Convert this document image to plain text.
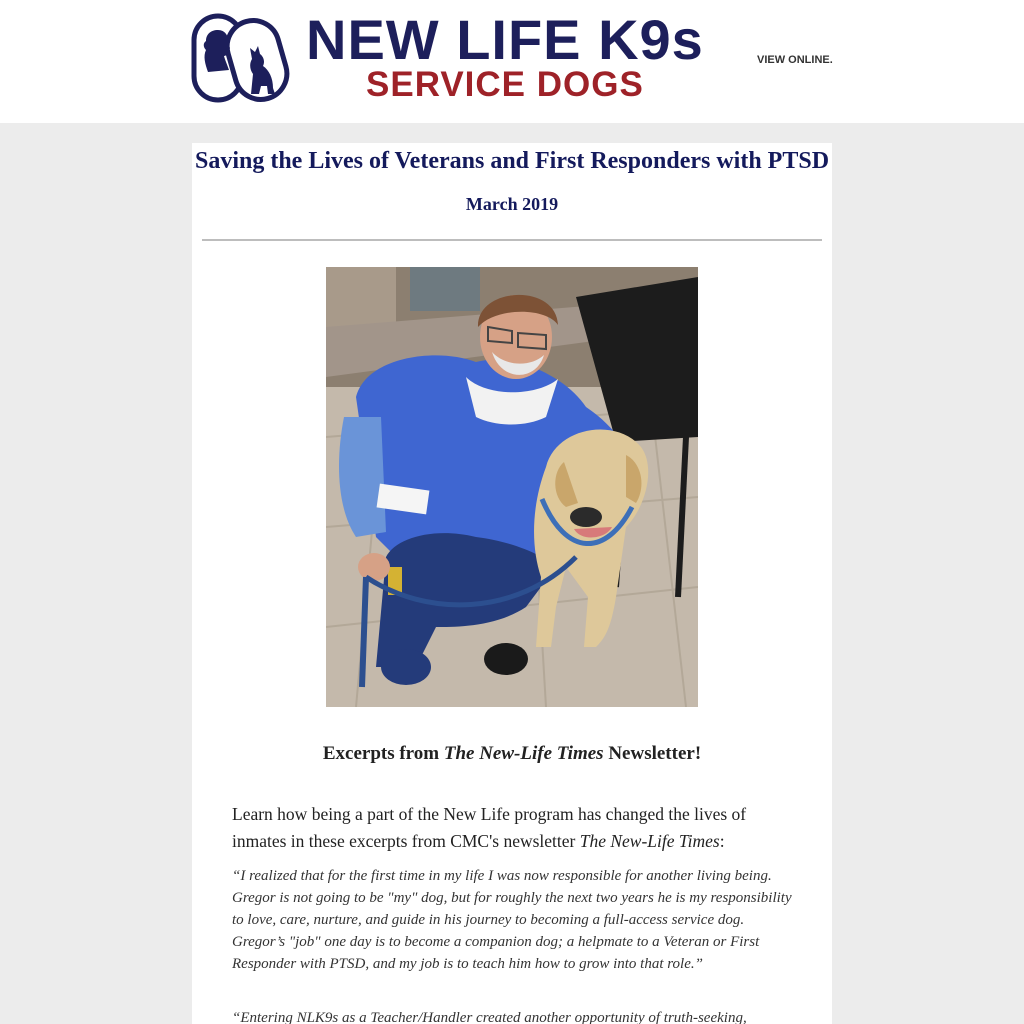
NEW LIFE K9s
SERVICE DOGS
VIEW ONLINE.
Saving the Lives of Veterans and First Responders with PTSD
March 2019
Excerpts from The New-Life Times Newsletter!
Learn how being a part of the New Life program has changed the lives of inmates in these excerpts from CMC's newsletter The New-Life Times:
“I realized that for the first time in my life I was now responsible for another living being. Gregor is not going to be "my" dog, but for roughly the next two years he is my responsibility to love, care, nurture, and guide in his journey to becoming a full-access service dog. Gregor’s "job" one day is to become a companion dog; a helpmate to a Veteran or First Responder with PTSD, and my job is to teach him how to grow into that role.”
“Entering NLK9s as a Teacher/Handler created another opportunity of truth-seeking,
